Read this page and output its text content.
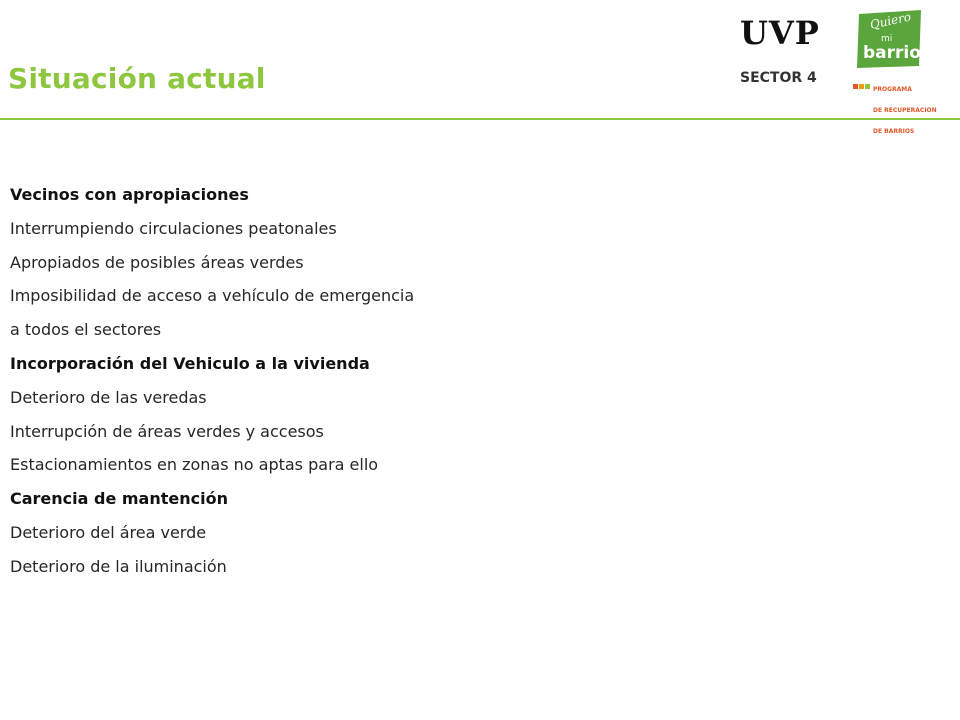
Situación actual
UVP
SECTOR 4
Quiero
mi
barrio

PROGRAMA

DE RECUPERACION

DE BARRIOS

Vecinos con apropiaciones
Interrumpiendo circulaciones peatonales
Apropiados de posibles áreas verdes
Imposibilidad de acceso a vehículo de emergencia
a todos el sectores
Incorporación del Vehiculo a la vivienda
Deterioro de las veredas
Interrupción de áreas verdes y accesos
Estacionamientos en zonas no aptas para ello
Carencia de mantención
Deterioro del área verde
Deterioro de la iluminación
